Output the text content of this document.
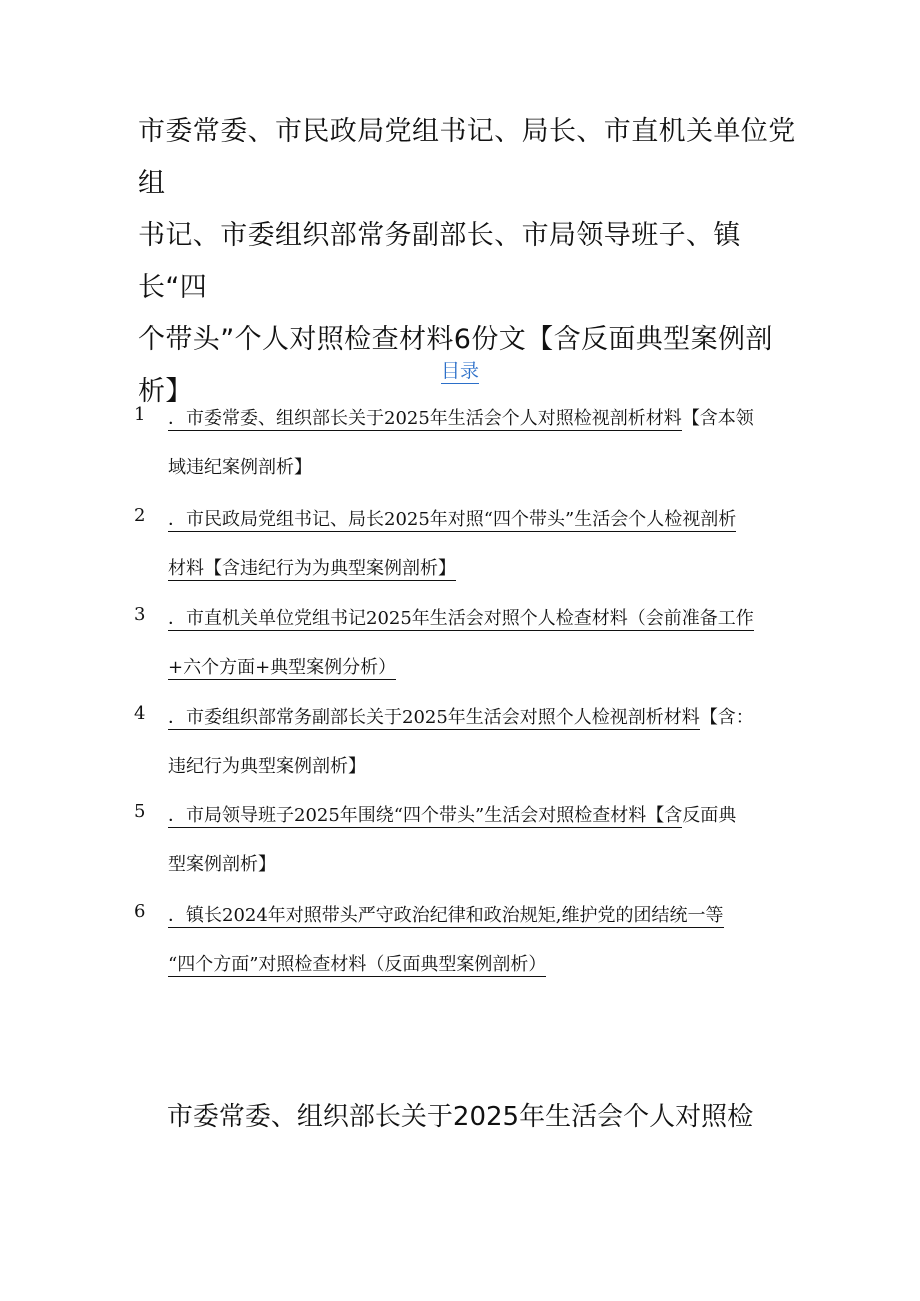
市委常委、市民政局党组书记、局长、市直机关单位党组
书记、市委组织部常务副部长、市局领导班子、镇长“四
个带头”个人对照检查材料6份文【含反面典型案例剖析】
目录
1	．市委常委、组织部长关于2025年生活会个人对照检视剖析材料【含本领
域违纪案例剖析】
2	．市民政局党组书记、局长2025年对照“四个带头”生活会个人检视剖析
材料【含违纪行为为典型案例剖析】
3	．市直机关单位党组书记2025年生活会对照个人检查材料（会前准备工作
+六个方面+典型案例分析）
4	．市委组织部常务副部长关于2025年生活会对照个人检视剖析材料【含：
违纪行为典型案例剖析】
5	．市局领导班子2025年围绕“四个带头”生活会对照检查材料【含反面典
型案例剖析】
6	．镇长2024年对照带头严守政治纪律和政治规矩,维护党的团结统一等
“四个方面”对照检查材料（反面典型案例剖析）
市委常委、组织部长关于2025年生活会个人对照检
